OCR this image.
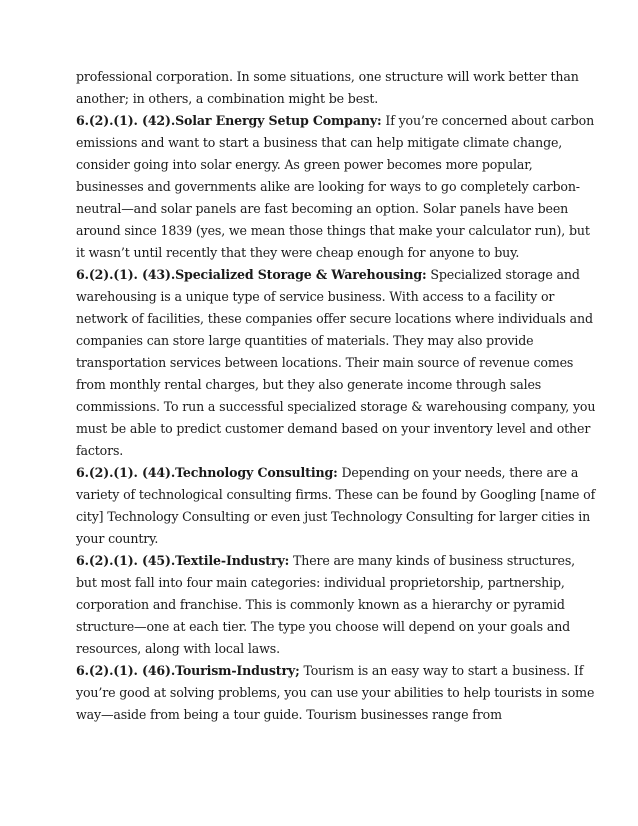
professional corporation. In some situations, one structure will work better than another; in others, a combination might be best.

6.(2).(1). (42).Solar Energy Setup Company: If you’re concerned about carbon emissions and want to start a business that can help mitigate climate change, consider going into solar energy. As green power becomes more popular, businesses and governments alike are looking for ways to go completely carbon-neutral—and solar panels are fast becoming an option. Solar panels have been around since 1839 (yes, we mean those things that make your calculator run), but it wasn’t until recently that they were cheap enough for anyone to buy.

6.(2).(1). (43).Specialized Storage & Warehousing: Specialized storage and warehousing is a unique type of service business. With access to a facility or network of facilities, these companies offer secure locations where individuals and companies can store large quantities of materials. They may also provide transportation services between locations. Their main source of revenue comes from monthly rental charges, but they also generate income through sales commissions. To run a successful specialized storage & warehousing company, you must be able to predict customer demand based on your inventory level and other factors.

6.(2).(1). (44).Technology Consulting: Depending on your needs, there are a variety of technological consulting firms. These can be found by Googling [name of city] Technology Consulting or even just Technology Consulting for larger cities in your country.

6.(2).(1). (45).Textile-Industry: There are many kinds of business structures, but most fall into four main categories: individual proprietorship, partnership, corporation and franchise. This is commonly known as a hierarchy or pyramid structure—one at each tier. The type you choose will depend on your goals and resources, along with local laws.

6.(2).(1). (46).Tourism-Industry; Tourism is an easy way to start a business. If you’re good at solving problems, you can use your abilities to help tourists in some way—aside from being a tour guide. Tourism businesses range from
